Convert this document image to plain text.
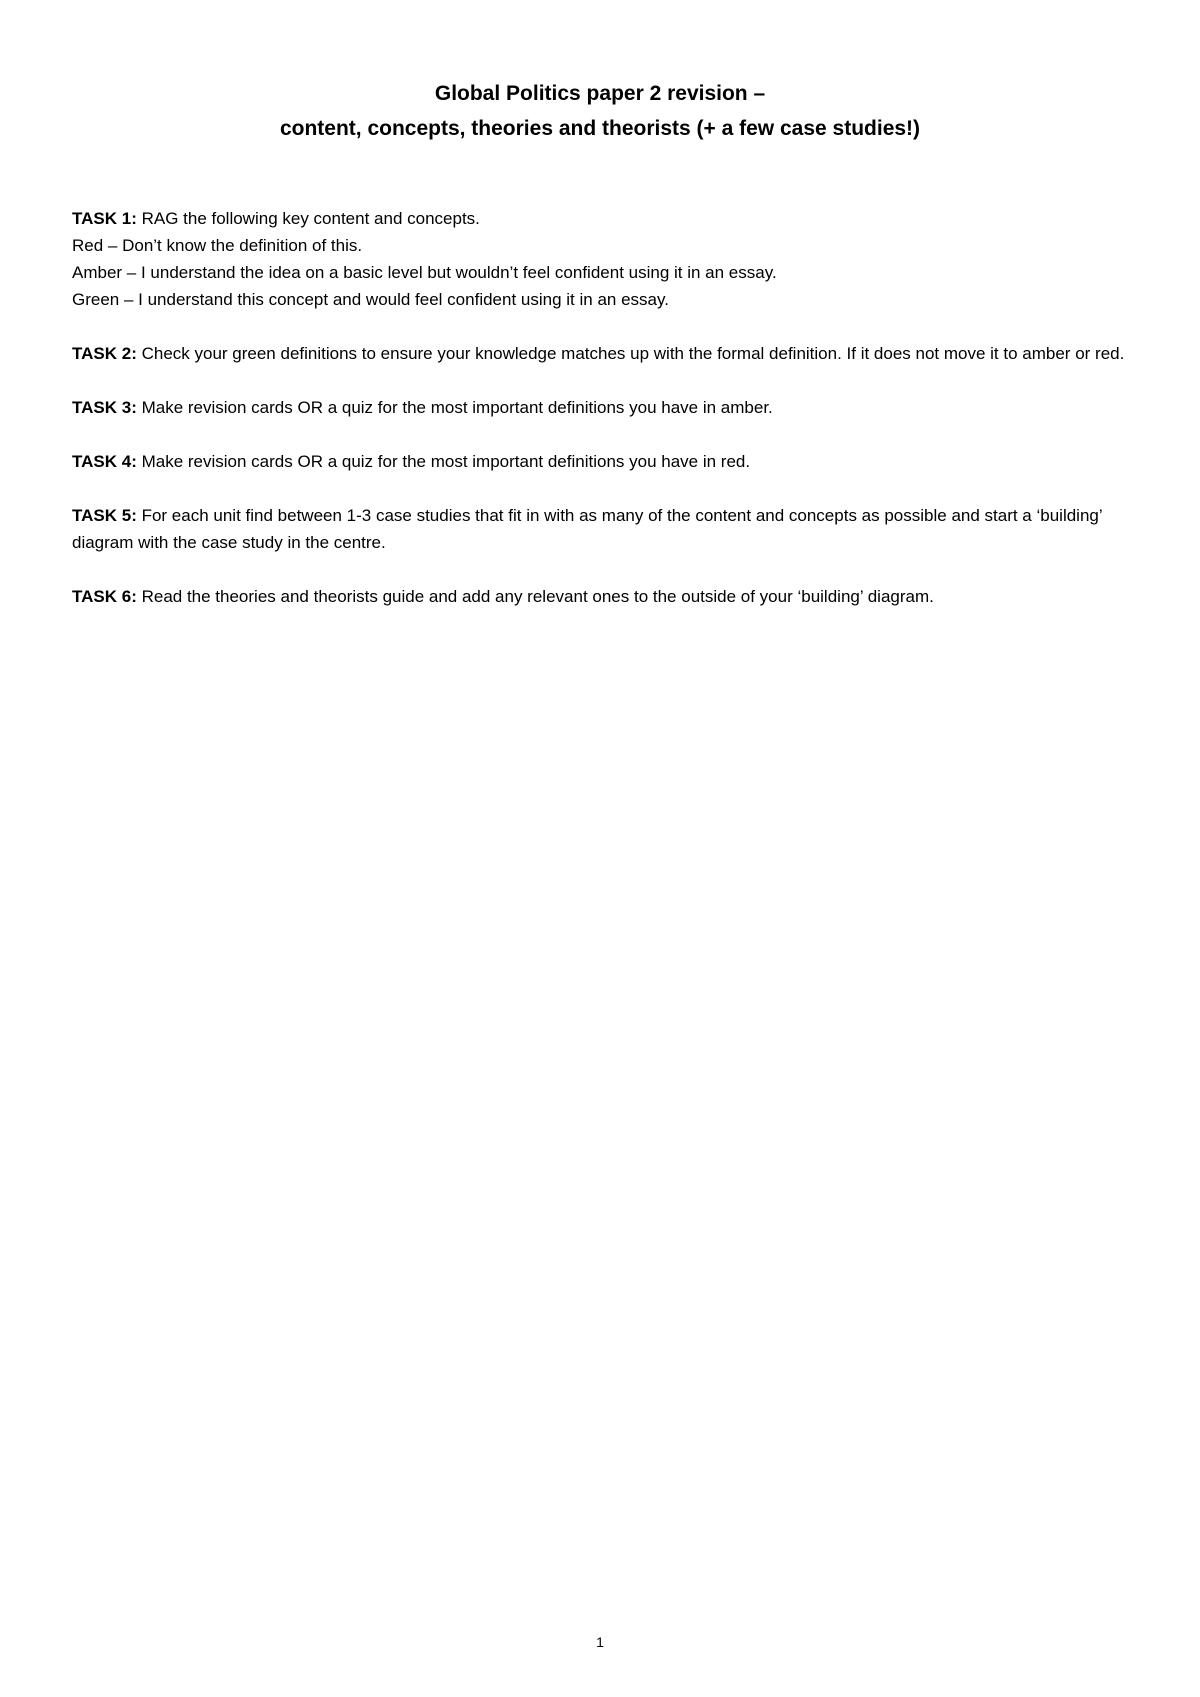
Global Politics paper 2 revision –

content, concepts, theories and theorists (+ a few case studies!)

TASK 1: RAG the following key content and concepts.
Red – Don’t know the definition of this.
Amber – I understand the idea on a basic level but wouldn’t feel confident using it in an essay.
Green – I understand this concept and would feel confident using it in an essay.
TASK 2: Check your green definitions to ensure your knowledge matches up with the formal definition. If it does not move it to amber or red.
TASK 3: Make revision cards OR a quiz for the most important definitions you have in amber.
TASK 4: Make revision cards OR a quiz for the most important definitions you have in red.
TASK 5: For each unit find between 1-3 case studies that fit in with as many of the content and concepts as possible and start a ‘building’ diagram with the case study in the centre.
TASK 6: Read the theories and theorists guide and add any relevant ones to the outside of your ‘building’ diagram.
1
